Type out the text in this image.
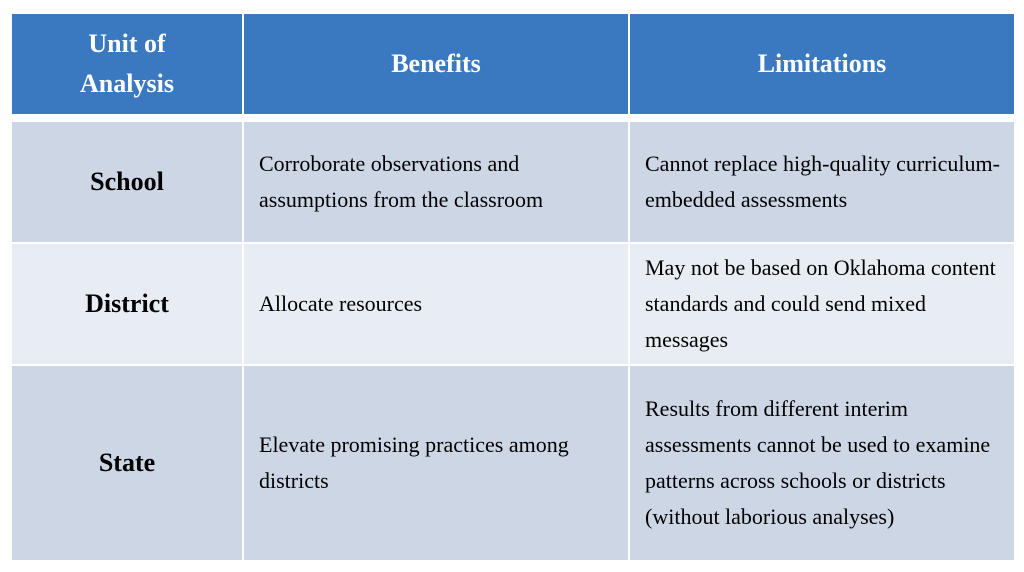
Unit of Analysis	Benefits	Limitations

School	Corroborate observations and assumptions from the classroom	Cannot replace high-quality curriculum-embedded assessments
District	Allocate resources	May not be based on Oklahoma content standards and could send mixed messages
State	Elevate promising practices among districts	Results from different interim assessments cannot be used to examine patterns across schools or districts (without laborious analyses)
